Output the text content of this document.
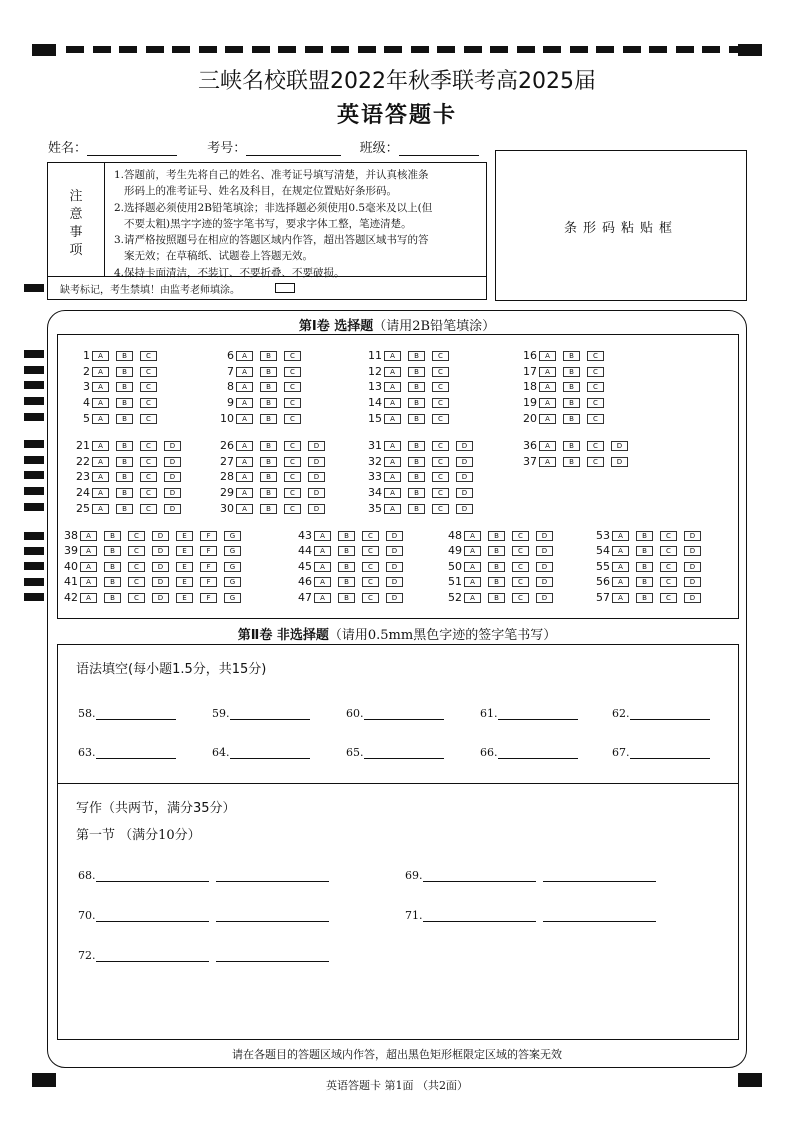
三峡名校联盟2022年秋季联考高2025届
英语答题卡
姓名：	考号：	班级：
注
意
事
项
1.答题前，考生先将自己的姓名、准考证号填写清楚，并认真核准条
形码上的准考证号、姓名及科目，在规定位置贴好条形码。
2.选择题必须使用2B铅笔填涂；非选择题必须使用0.5毫米及以上(但
不要太粗)黑字字迹的签字笔书写，要求字体工整，笔迹清楚。
3.请严格按照题号在相应的答题区域内作答，超出答题区域书写的答
案无效；在草稿纸、试题卷上答题无效。
4.保持卡面清洁，不装订、不要折叠、不要破损。
缺考标记，考生禁填！由监考老师填涂。
条形码粘贴框
第Ⅰ卷 选择题（请用2B铅笔填涂）
1 A	B	C
2 A	B	C
3 A	B	C
4 A	B	C
5 A	B	C
6 A	B	C
7 A	B	C
8 A	B	C
9 A	B	C
10 A	B	C
11 A	B	C
12 A	B	C
13 A	B	C
14 A	B	C
15 A	B	C
16 A	B	C
17 A	B	C
18 A	B	C
19 A	B	C
20 A	B	C
21 A	B	C	D
22 A	B	C	D
23 A	B	C	D
24 A	B	C	D
25 A	B	C	D
26 A	B	C	D
27 A	B	C	D
28 A	B	C	D
29 A	B	C	D
30 A	B	C	D
31 A	B	C	D
32 A	B	C	D
33 A	B	C	D
34 A	B	C	D
35 A	B	C	D
36 A	B	C	D
37 A	B	C	D
38 A	B	C	D	E	F	G
39 A	B	C	D	E	F	G
40 A	B	C	D	E	F	G
41 A	B	C	D	E	F	G
42 A	B	C	D	E	F	G
43 A	B	C	D
44 A	B	C	D
45 A	B	C	D
46 A	B	C	D
47 A	B	C	D
48 A	B	C	D
49 A	B	C	D
50 A	B	C	D
51 A	B	C	D
52 A	B	C	D
53 A	B	C	D
54 A	B	C	D
55 A	B	C	D
56 A	B	C	D
57 A	B	C	D
第Ⅱ卷 非选择题（请用0.5mm黑色字迹的签字笔书写）
语法填空(每小题1.5分，共15分)
58.	59.	60.	61.	62.
63.	64.	65.	66.	67.
写作（共两节，满分35分）
第一节 （满分10分）
68.	69.
70.	71.
72.
请在各题目的答题区域内作答，超出黑色矩形框限定区域的答案无效
英语答题卡 第1面 （共2面）
